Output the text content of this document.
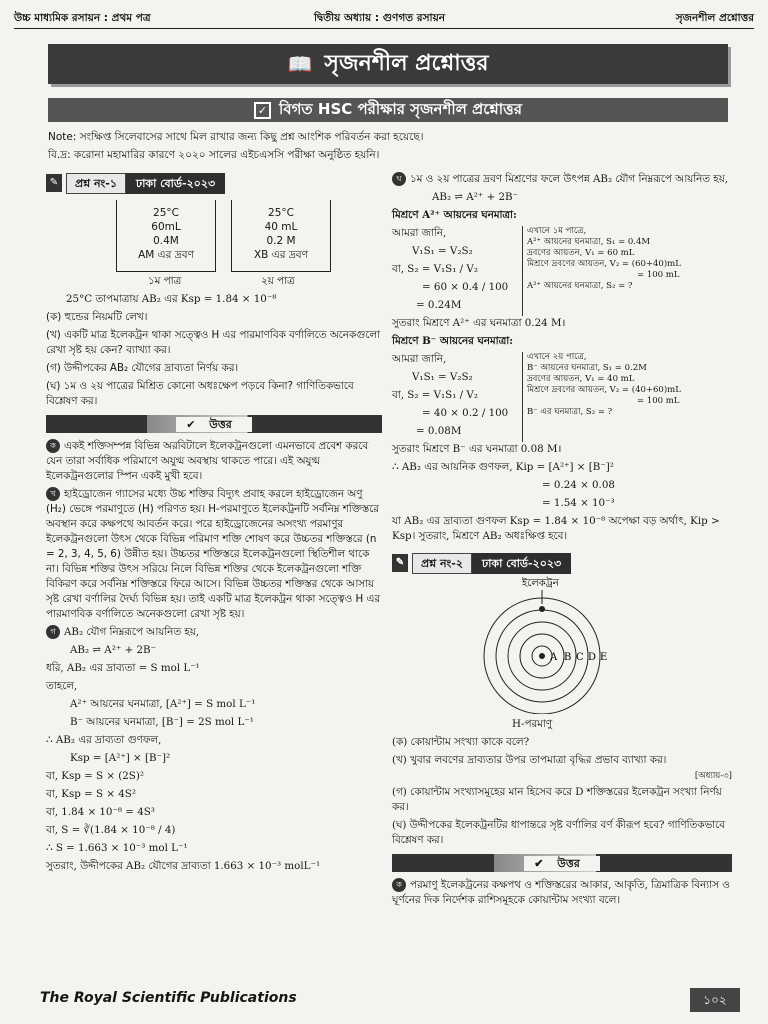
উচ্চ মাধ্যমিক রসায়ন : প্রথম পত্র	দ্বিতীয় অধ্যায় : গুণগত রসায়ন	সৃজনশীল প্রশ্নোত্তর
📖 সৃজনশীল প্রশ্নোত্তর
✓ বিগত HSC পরীক্ষার সৃজনশীল প্রশ্নোত্তর
Note: সংক্ষিপ্ত সিলেবাসের সাথে মিল রাখার জন্য কিছু প্রশ্ন আংশিক পরিবর্তন করা হয়েছে।
বি.দ্র: করোনা মহামারির কারণে ২০২০ সালের এইচএসসি পরীক্ষা অনুষ্ঠিত হয়নি।
✎	প্রশ্ন নং-১	ঢাকা বোর্ড-২০২৩
25°C
60mL
0.4M
AM এর দ্রবণ
25°C
40 mL
0.2 M
XB এর দ্রবণ
১ম পাত্র	২য় পাত্র

25°C তাপমাত্রায় AB₂ এর Ksp = 1.84 × 10⁻⁸

(ক) হুন্ডের নিয়মটি লেখ।

(খ) একটি মাত্র ইলেকট্রন থাকা সত্ত্বেও H এর পারমাণবিক বর্ণালিতে অনেকগুলো রেখা সৃষ্ট হয় কেন? ব্যাখ্যা কর।

(গ) উদ্দীপকের AB₂ যৌগের দ্রাব্যতা নির্ণয় কর।

(ঘ) ১ম ও ২য় পাত্রের মিশ্রিত কোনো অধঃক্ষেপ পড়বে কিনা? গাণিতিকভাবে বিশ্লেষণ কর।

✔ উত্তর

ক একই শক্তিসম্পন্ন বিভিন্ন অরবিটালে ইলেকট্রনগুলো এমনভাবে প্রবেশ করবে যেন তারা সর্বাধিক পরিমাণে অযুগ্ম অবস্থায় থাকতে পারে। এই অযুগ্ম ইলেকট্রনগুলোর স্পিন একই মুখী হবে।

খ হাইড্রোজেন গ্যাসের মধ্যে উচ্চ শক্তির বিদ্যুৎ প্রবাহ করলে হাইড্রোজেন অণু (H₂) ভেঙ্গে পরমাণুতে (H) পরিণত হয়। H-পরমাণুতে ইলেকট্রনটি সর্বনিম্ন শক্তিস্তরে অবস্থান করে কক্ষপথে আবর্তন করে। পরে হাইড্রোজেনের অসংখ্য পরমাণুর ইলেকট্রনগুলো উৎস থেকে বিভিন্ন পরিমাণ শক্তি শোষণ করে উচ্চতর শক্তিস্তরে (n = 2, 3, 4, 5, 6) উন্নীত হয়। উচ্চতর শক্তিস্তরে ইলেকট্রনগুলো স্থিতিশীল থাকে না। বিভিন্ন শক্তির উৎস সরিয়ে নিলে বিভিন্ন শক্তির থেকে ইলেকট্রনগুলো শক্তি বিকিরণ করে সর্বনিম্ন শক্তিস্তরে ফিরে আসে। বিভিন্ন উচ্চতর শক্তিস্তর থেকে আসায় সৃষ্ট রেখা বর্ণালির দৈর্ঘ্য বিভিন্ন হয়। তাই একটি মাত্র ইলেকট্রন থাকা সত্ত্বেও H এর পারমাণবিক বর্ণালিতে অনেকগুলো রেখা সৃষ্ট হয়।

গ AB₂ যৌগ নিম্নরূপে আয়নিত হয়,

AB₂ ⇌ A²⁺ + 2B⁻

ধরি, AB₂ এর দ্রাব্যতা = S mol L⁻¹

তাহলে,

A²⁺ আয়নের ঘনমাত্রা, [A²⁺] = S mol L⁻¹

B⁻ আয়নের ঘনমাত্রা, [B⁻] = 2S mol L⁻¹

∴ AB₂ এর দ্রাব্যতা গুণফল,

Ksp = [A²⁺] × [B⁻]²

বা, Ksp = S × (2S)²

বা, Ksp = S × 4S²

বা, 1.84 × 10⁻⁸ = 4S³

বা, S = ∛(1.84 × 10⁻⁸ / 4)

∴ S = 1.663 × 10⁻³ mol L⁻¹

সুতরাং, উদ্দীপকের AB₂ যৌগের দ্রাব্যতা 1.663 × 10⁻³ molL⁻¹

ঘ ১ম ও ২য় পাত্রের দ্রবণ মিশ্রণের ফলে উৎপন্ন AB₂ যৌগ নিম্নরূপে আয়নিত হয়,

AB₂ ⇌ A²⁺ + 2B⁻

মিশ্রণে A²⁺ আয়নের ঘনমাত্রা:

আমরা জানি,

V₁S₁ = V₂S₂

বা, S₂ = V₁S₁ / V₂

= 60 × 0.4 / 100

= 0.24M

এখানে ১ম পাত্রে,
A²⁺ আয়নের ঘনমাত্রা, S₁ = 0.4M
দ্রবণের আয়তন, V₁ = 60 mL
মিশ্রণে দ্রবণের আয়তন, V₂ = (60+40)mL
= 100 mL
A²⁺ আয়নের ঘনমাত্রা, S₂ = ?

সুতরাং মিশ্রণে A²⁺ এর ঘনমাত্রা 0.24 M।

মিশ্রণে B⁻ আয়নের ঘনমাত্রা:

আমরা জানি,

V₁S₁ = V₂S₂

বা, S₂ = V₁S₁ / V₂

= 40 × 0.2 / 100

= 0.08M

এখানে ২য় পাত্রে,
B⁻ আয়নের ঘনমাত্রা, S₁ = 0.2M
দ্রবণের আয়তন, V₁ = 40 mL
মিশ্রণে দ্রবণের আয়তন, V₂ = (40+60)mL
= 100 mL
B⁻ এর ঘনমাত্রা, S₂ = ?

সুতরাং মিশ্রণে B⁻ এর ঘনমাত্রা 0.08 M।

∴ AB₂ এর আয়নিক গুণফল, Kip = [A²⁺] × [B⁻]²

= 0.24 × 0.08

= 1.54 × 10⁻³

যা AB₂ এর দ্রাব্যতা গুণফল Ksp = 1.84 × 10⁻⁸ অপেক্ষা বড় অর্থাৎ, Kip > Ksp। সুতরাং, মিশ্রণে AB₂ অধঃক্ষিপ্ত হবে।

✎	প্রশ্ন নং-২	ঢাকা বোর্ড-২০২৩
ইলেকট্রন
A B C D E

H-পরমাণু

(ক) কোয়ান্টাম সংখ্যা কাকে বলে?

(খ) খুবার লবণের দ্রাব্যতার উপর তাপমাত্রা বৃদ্ধির প্রভাব ব্যাখ্যা কর।

[অধ্যায়-৩]

(গ) কোয়ান্টাম সংখ্যাসমূহের মান হিসেব করে D শক্তিস্তরের ইলেকট্রন সংখ্যা নির্ণয় কর।

(ঘ) উদ্দীপকের ইলেকট্রনটির ধাপান্তরে সৃষ্ট বর্ণালির বর্ণ কীরূপ হবে? গাণিতিকভাবে বিশ্লেষণ কর।

✔ উত্তর

ক পরমাণু ইলেকট্রনের কক্ষপথ ও শক্তিস্তরের আকার, আকৃতি, ত্রিমাত্রিক বিন্যাস ও ঘূর্ণনের দিক নির্দেশক রাশিসমূহকে কোয়ান্টাম সংখ্যা বলে।

The Royal Scientific Publications	১০২
